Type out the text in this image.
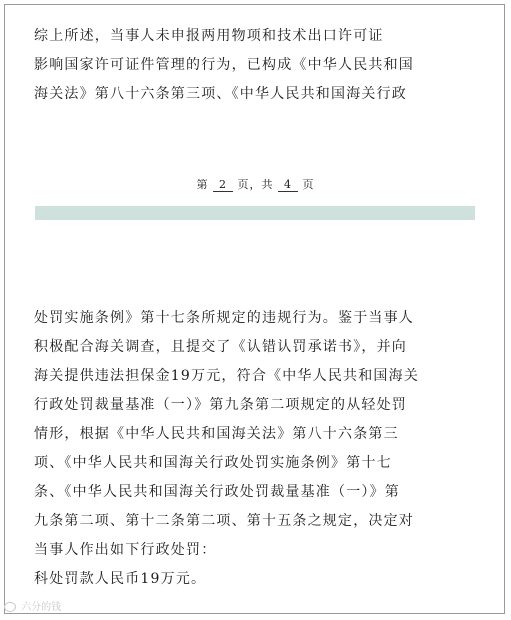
综上所述，当事人未申报两用物项和技术出口许可证
影响国家许可证件管理的行为，已构成《中华人民共和国
海关法》第八十六条第三项、《中华人民共和国海关行政
第 2 页，共 4 页
处罚实施条例》第十七条所规定的违规行为。鉴于当事人
积极配合海关调查，且提交了《认错认罚承诺书》，并向
海关提供违法担保金19万元，符合《中华人民共和国海关
行政处罚裁量基准（一）》第九条第二项规定的从轻处罚
情形，根据《中华人民共和国海关法》第八十六条第三
项、《中华人民共和国海关行政处罚实施条例》第十七
条、《中华人民共和国海关行政处罚裁量基准（一）》第
九条第二项、第十二条第二项、第十五条之规定，决定对
当事人作出如下行政处罚：
科处罚款人民币19万元。
六分的钱
